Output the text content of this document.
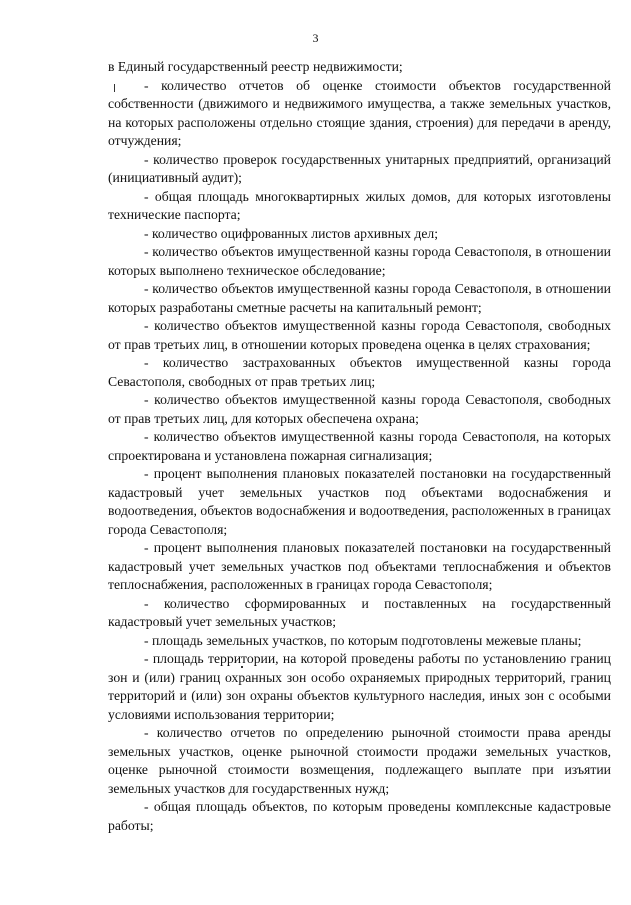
3

в Единый государственный реестр недвижимости;

- количество отчетов об оценке стоимости объектов государственной собственности (движимого и недвижимого имущества, а также земельных участков, на которых расположены отдельно стоящие здания, строения) для передачи в аренду, отчуждения;

- количество проверок государственных унитарных предприятий, организаций (инициативный аудит);

- общая площадь многоквартирных жилых домов, для которых изготовлены технические паспорта;

- количество оцифрованных листов архивных дел;

- количество объектов имущественной казны города Севастополя, в отношении которых выполнено техническое обследование;

- количество объектов имущественной казны города Севастополя, в отношении которых разработаны сметные расчеты на капитальный ремонт;

- количество объектов имущественной казны города Севастополя, свободных от прав третьих лиц, в отношении которых проведена оценка в целях страхования;

- количество застрахованных объектов имущественной казны города Севастополя, свободных от прав третьих лиц;

- количество объектов имущественной казны города Севастополя, свободных от прав третьих лиц, для которых обеспечена охрана;

- количество объектов имущественной казны города Севастополя, на которых спроектирована и установлена пожарная сигнализация;

- процент выполнения плановых показателей постановки на государственный кадастровый учет земельных участков под объектами водоснабжения и водоотведения, объектов водоснабжения и водоотведения, расположенных в границах города Севастополя;

- процент выполнения плановых показателей постановки на государственный кадастровый учет земельных участков под объектами теплоснабжения и объектов теплоснабжения, расположенных в границах города Севастополя;

- количество сформированных и поставленных на государственный кадастровый учет земельных участков;

- площадь земельных участков, по которым подготовлены межевые планы;

- площадь территории, на которой проведены работы по установлению границ зон и (или) границ охранных зон особо охраняемых природных территорий, границ территорий и (или) зон охраны объектов культурного наследия, иных зон с особыми условиями использования территории;

- количество отчетов по определению рыночной стоимости права аренды земельных участков, оценке рыночной стоимости продажи земельных участков, оценке рыночной стоимости возмещения, подлежащего выплате при изъятии земельных участков для государственных нужд;

- общая площадь объектов, по которым проведены комплексные кадастровые работы;
